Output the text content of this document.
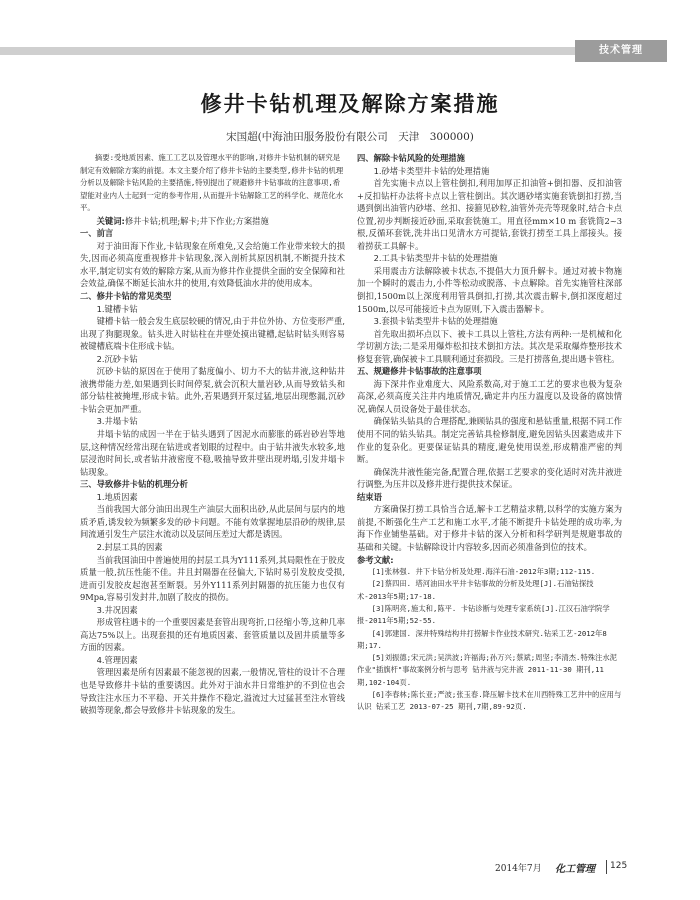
技术管理
修井卡钻机理及解除方案措施
宋国超(中海油田服务股份有限公司　天津　300000)

摘要:受地质因素、施工工艺以及管理水平的影响,对修井卡钻机制的研究是制定有效解除方案的前提。本文主要介绍了修井卡钻的主要类型,修井卡钻的机理分析以及解除卡钻风险的主要措施,特别提出了规避修井卡钻事故的注意事项,希望能对业内人士起到一定的参考作用,从而提升卡钻解除工艺的科学化、规范化水平。

关键词:修井卡钻;机理;解卡;井下作业;方案措施

一、前言

对于油田海下作业,卡钻现象在所难免,又会给施工作业带来较大的损失,因而必须高度重视修井卡钻现象,深入剖析其原因机制,不断提升技术水平,制定切实有效的解除方案,从而为修井作业提供全面的安全保障和社会效益,确保不断延长油水井的使用,有效降低油水井的使用成本。

二、修井卡钻的常见类型

1.键槽卡钻

键槽卡钻一般会发生底层较硬的情况,由于井位外协、方位变形严重,出现了狗腿现象。钻头进入时钻柱在井壁处摸出键槽,起钻时钻头则容易被键槽底端卡住形成卡钻。

2.沉砂卡钻

沉砂卡钻的原因在于使用了黏度偏小、切力不大的钻井液,这种钻井液携带能力差,如果遇到长时间停泵,就会沉积大量岩砂,从而导致钻头和部分钻柱被掩埋,形成卡钻。此外,若果遇到开泵过猛,地层出现憋漏,沉砂卡钻会更加严重。

3.井塌卡钻

井塌卡钻的成因一半在于钻头遇到了因泥水而膨胀的砾岩砂岩等地层,这种情况经常出现在钻进或者划眼的过程中。由于钻井液失水较多,地层浸泡时间长,或者钻井液密度不稳,吸抽导致井壁出现坍塌,引发井塌卡钻现象。

三、导致修井卡钻的机理分析

1.地质因素

当前我国大部分油田出现生产油层大面积出砂,从此层间与层内的地质矛盾,诱发较为频繁多发的砂卡问题。不能有效掌握地层沿砂的规律,层间流通引发生产层注水流动以及层间压差过大都是诱因。

2.封层工具的因素

当前我国油田中普遍使用的封层工具为Y111系列,其局限性在于胶皮质量一般,抗压性能不佳。井且封隔器在径偏大,下钻时易引发胶皮受损,进而引发胶皮起泡甚至断裂。另外Y111系列封隔器的抗压能力也仅有9Mpa,容易引发封井,加剧了胶皮的损伤。

3.井况因素

形成管柱遇卡的一个重要因素是套管出现弯折,口径缩小等,这种几率高达75%以上。出现套损的还有地质因素、套管质量以及固井质量等多方面的因素。

4.管理因素

管理因素是所有因素最不能忽视的因素,一般情况,管柱的设计不合理也是导致修井卡钻的重要诱因。此外对于油水井日常维护的不到位也会导致注注水压力不平稳、开关井操作不稳定,溢流过大过猛甚至注水管线破损等现象,都会导致修井卡钻现象的发生。

四、解除卡钻风险的处理措施

1.砂堵卡类型井卡钻的处理措施

首先实施卡点以上管柱倒扣,利用加厚正扣油管+倒扣器、反扣油管+反扣钻杆办法将卡点以上管柱倒出。其次遇砂堵实施套铣倒扣打捞,当遇到倒出油管内砂堵、丝扣、接箍见砂粒,油管外壳壳等现象时,结合卡点位置,初步判断接近砂面,采取套铣施工。用直径mm×10 m 套铣筒2~3根,反循环套铣,洗井出口见清水方可提钻,套铣打捞至工具上部接头。接着捞获工具解卡。

2.工具卡钻类型井卡钻的处理措施

采用震击方法解除被卡状态,不提倡大力顶升解卡。通过对被卡物施加一个瞬时的震击力,小件等松动或脱落、卡点解除。首先实施管柱深部倒扣,1500m以上深度利用管具倒扣,打捞,其次震击解卡,倒扣深度超过1500m,以尽可能接近卡点为原则,下入震击器解卡。

3.套损卡钻类型井卡钻的处理措施

首先取出损坏点以下、被卡工具以上管柱,方法有两种:一是机械和化学切割方法;二是采用爆炸松扣技术倒扣方法。其次是采取爆炸整形技术修复套管,确保被卡工具顺利通过套损段。三是打捞落鱼,提出遇卡管柱。

五、规避修井卡钻事故的注意事项

海下深井作业难度大、风险系数高,对于施工工艺的要求也极为复杂高深,必须高度关注井内地质情况,确定井内压力温度以及设备的腐蚀情况,确保人员设备处于最佳状态。

确保钻头钻具的合理搭配,兼顾钻具的强度和悬钻重量,根据不同工作使用不同的钻头钻具。制定完善钻具检修制度,避免因钻头因素造成井下作业的复杂化。更要保证钻具的精度,避免使用误差,形成精准严密的判断。

确保洗井液性能完备,配置合理,依据工艺要求的变化适时对洗井液进行调整,为压井以及修井进行提供技术保证。

结束语

方案确保打捞工具恰当合适,解卡工艺精益求精,以科学的实施方案为前提,不断强化生产工艺和施工水平,才能不断提升卡钻处理的成功率,为海下作业铺垫基础。对于修井卡钻的深入分析和科学研判是规避事故的基础和关键。卡钻解除设计内容较多,因而必须准备到位的技术。

参考文献:

[1]张林强. 井下卡钻分析及处理.海洋石油-2012年3期;112-115.

[2]蔡四田. 塔河油田水平井卡钻事故的分析及处理[J].石油钻探技术-2013年5期;17-18.

[3]陈明亮,施太和,陈平. 卡钻诊断与处理专家系统[J].江汉石油学院学报-2011年5期;52-55.

[4]郭建国. 深井特殊结构井打捞解卡作业技术研究.钻采工艺-2012年8期;17.

[5]刘振德;宋元洪;吴洪波;许福海;孙万兴;蔡斌;周坚;李清杰.特殊注水泥作业"插旗杆"事故案例分析与思考 钻井液与完井液 2011-11-30 期刊,11期,102-104页.

[6]李春林;陈长亚;严波;张玉春.降压解卡技术在川西特殊工艺井中的应用与认识 钻采工艺 2013-07-25 期刊,7期,89-92页.

2014年7月 化工管理 125
